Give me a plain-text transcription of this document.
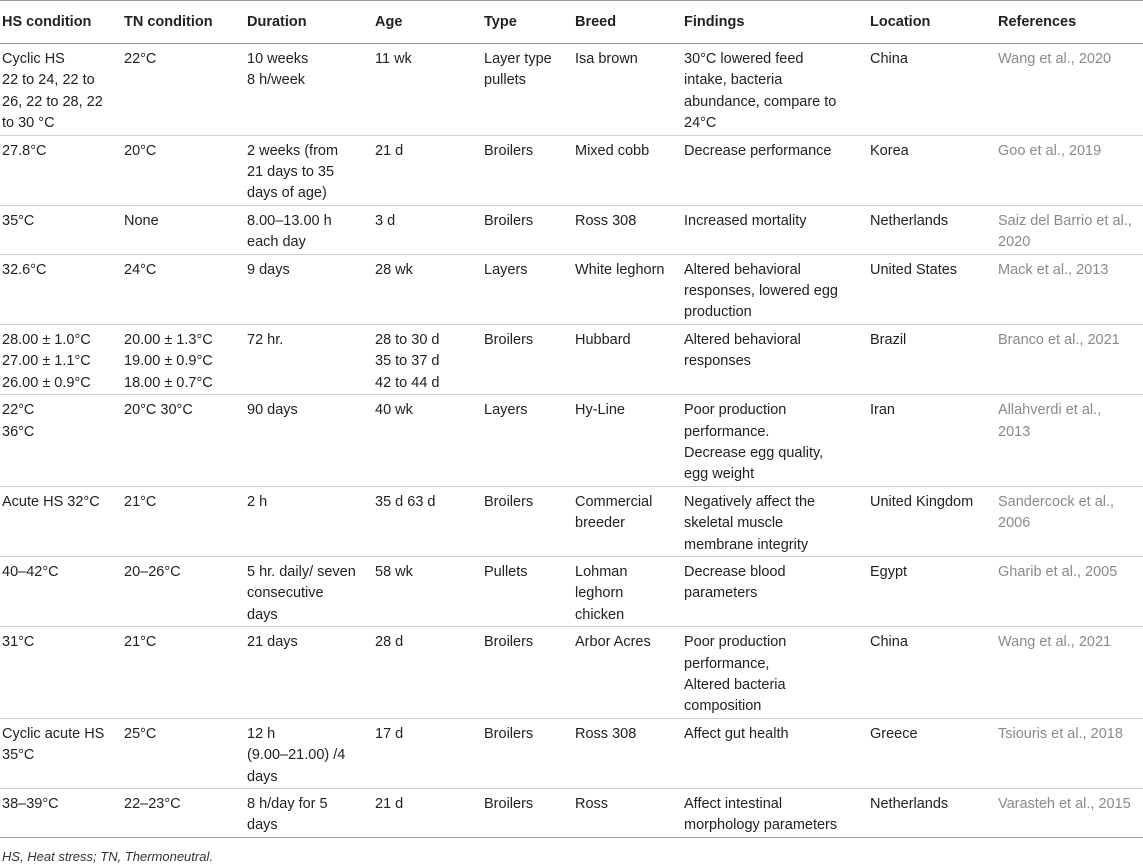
HS condition	TN condition	Duration	Age	Type	Breed	Findings	Location	References

Cyclic HS
22 to 24, 22 to
26, 22 to 28, 22
to 30 °C	22°C	10 weeks
8 h/week	11 wk	Layer type
pullets	Isa brown	30°C lowered feed
intake, bacteria
abundance, compare to
24°C	China	Wang et al., 2020

27.8°C	20°C	2 weeks (from
21 days to 35
days of age)	21 d	Broilers	Mixed cobb	Decrease performance	Korea	Goo et al., 2019

35°C	None	8.00–13.00 h
each day	3 d	Broilers	Ross 308	Increased mortality	Netherlands	Saiz del Barrio et al.,
2020

32.6°C	24°C	9 days	28 wk	Layers	White leghorn	Altered behavioral
responses, lowered egg
production	United States	Mack et al., 2013

28.00 ± 1.0°C
27.00 ± 1.1°C
26.00 ± 0.9°C	20.00 ± 1.3°C
19.00 ± 0.9°C
18.00 ± 0.7°C	72 hr.	28 to 30 d
35 to 37 d
42 to 44 d	Broilers	Hubbard	Altered behavioral
responses	Brazil	Branco et al., 2021

22°C
36°C	20°C 30°C	90 days	40 wk	Layers	Hy-Line	Poor production
performance.
Decrease egg quality,
egg weight	Iran	Allahverdi et al.,
2013

Acute HS 32°C	21°C	2 h	35 d 63 d	Broilers	Commercial
breeder	Negatively affect the
skeletal muscle
membrane integrity	United Kingdom	Sandercock et al.,
2006

40–42°C	20–26°C	5 hr. daily/ seven
consecutive
days	58 wk	Pullets	Lohman
leghorn
chicken	Decrease blood
parameters	Egypt	Gharib et al., 2005

31°C	21°C	21 days	28 d	Broilers	Arbor Acres	Poor production
performance,
Altered bacteria
composition	China	Wang et al., 2021

Cyclic acute HS
35°C	25°C	12 h
(9.00–21.00) /4
days	17 d	Broilers	Ross 308	Affect gut health	Greece	Tsiouris et al., 2018

38–39°C	22–23°C	8 h/day for 5
days	21 d	Broilers	Ross	Affect intestinal
morphology parameters	Netherlands	Varasteh et al., 2015
HS, Heat stress; TN, Thermoneutral.
